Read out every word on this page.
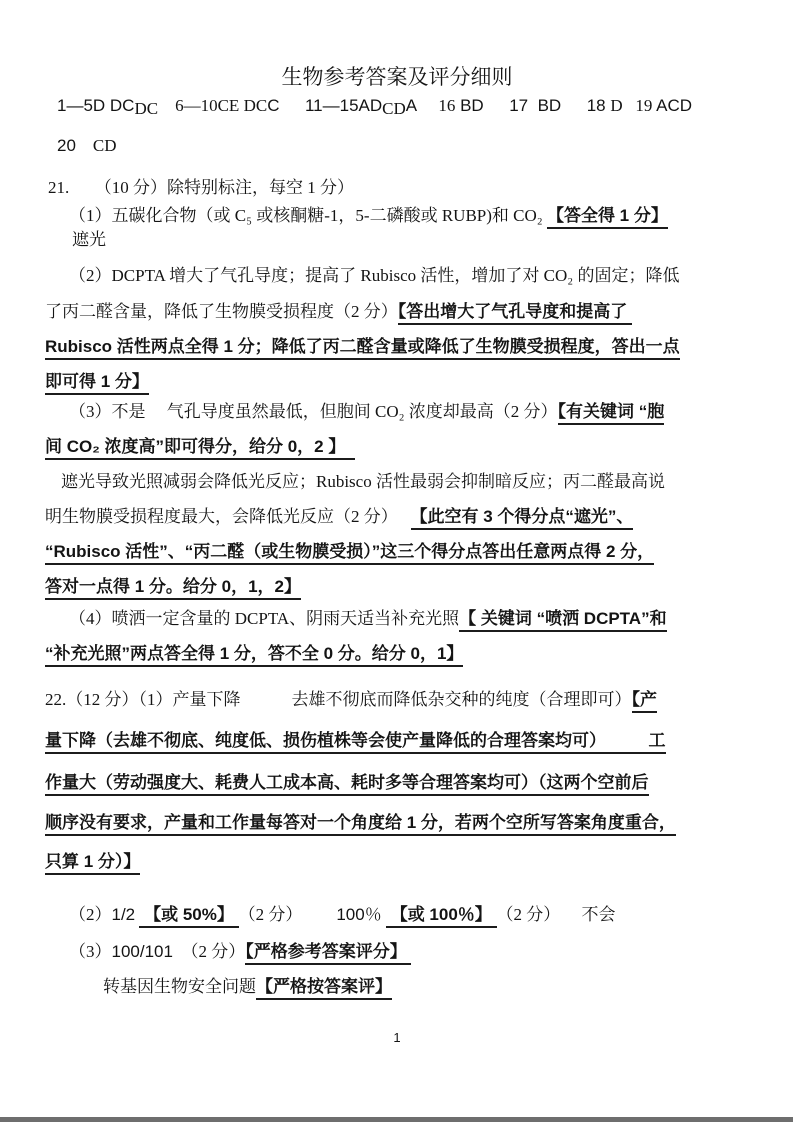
生物参考答案及评分细则
1—5D DCDC 6—10CE DCC 11—15ADCDA 16 BD 17  BD 18 D 19 ACD
20 CD
21. （10 分）除特别标注，每空 1 分）
（1）五碳化合物（或 C₅ 或核酮糖-1，5-二磷酸或 RUBP)和 CO₂ 【答全得 1 分】
遮光
（2）DCPTA 增大了气孔导度；提高了 Rubisco 活性，增加了对 CO₂ 的固定；降低
了丙二醛含量，降低了生物膜受损程度（2 分）【答出增大了气孔导度和提高了
Rubisco 活性两点全得 1 分；降低了丙二醛含量或降低了生物膜受损程度，答出一点
即可得 1 分】
（3）不是　 气孔导度虽然最低，但胞间 CO₂ 浓度却最高（2 分）【有关键词 “胞
间 CO₂ 浓度高”即可得分，给分 0，2 】
遮光导致光照减弱会降低光反应；Rubisco 活性最弱会抑制暗反应；丙二醛最高说
明生物膜受损程度最大，会降低光反应（2 分）　 【此空有 3 个得分点“遮光”、
“Rubisco 活性”、“丙二醛（或生物膜受损）”这三个得分点答出任意两点得 2 分，
答对一点得 1 分。给分 0，1，2】
（4）喷洒一定含量的 DCPTA、阴雨天适当补充光照【 关键词 “喷洒 DCPTA”和
“补充光照”两点答全得 1 分，答不全 0 分。给分 0，1】
22.（12 分）（1）产量下降　　　去雄不彻底而降低杂交种的纯度（合理即可）【产
量下降（去雄不彻底、纯度低、损伤植株等会使产量降低的合理答案均可）　　　工
作量大（劳动强度大、耗费人工成本高、耗时多等合理答案均可）（这两个空前后
顺序没有要求，产量和工作量每答对一个角度给 1 分，若两个空所写答案角度重合，
只算 1 分）】
（2）1/2  【或 50%】 （2 分） 100％  【或 100％】 （2 分）     不会
（3）100/101  （2 分）【严格参考答案评分】
转基因生物安全问题【严格按答案评】
1
